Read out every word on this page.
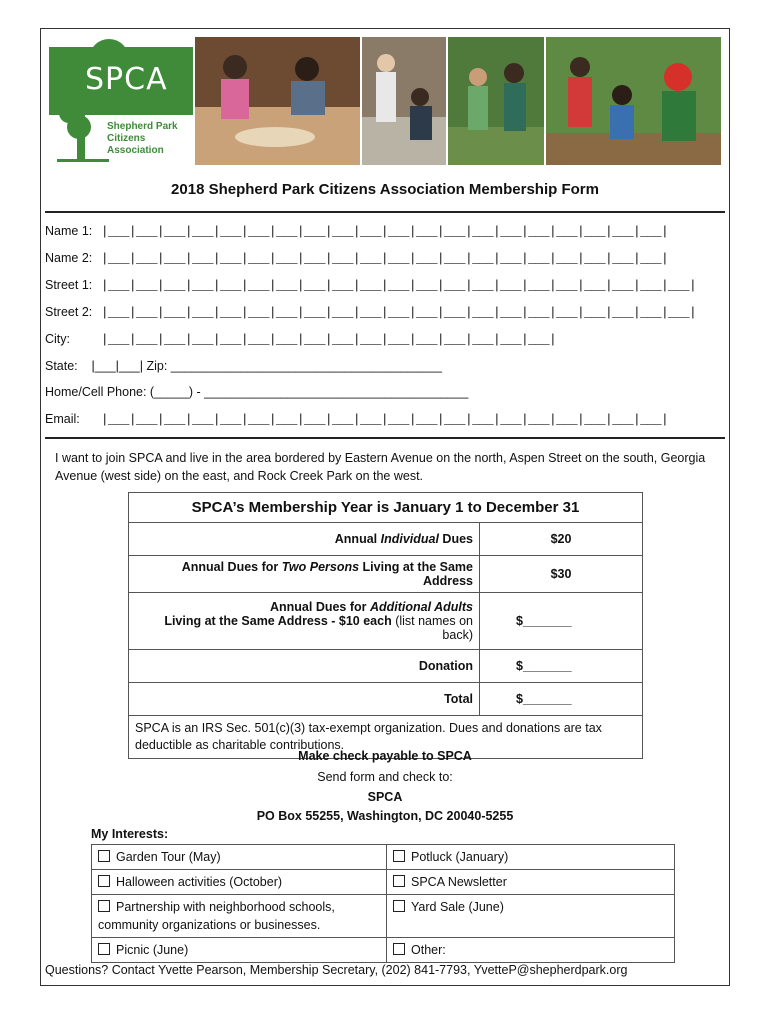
SPCA
Shepherd Park
Citizens Association
2018 Shepherd Park Citizens Association Membership Form
Name 1: |___|___|___|___|___|___|___|___|___|___|___|___|___|___|___|___|___|___|___|___|
Name 2: |___|___|___|___|___|___|___|___|___|___|___|___|___|___|___|___|___|___|___|___|
Street 1: |___|___|___|___|___|___|___|___|___|___|___|___|___|___|___|___|___|___|___|___|___|
Street 2: |___|___|___|___|___|___|___|___|___|___|___|___|___|___|___|___|___|___|___|___|___|
City: |___|___|___|___|___|___|___|___|___|___|___|___|___|___|___|___|
State:    |___|___| Zip: _______________________________________
Home/Cell Phone: (_____) - ______________________________________
Email: |___|___|___|___|___|___|___|___|___|___|___|___|___|___|___|___|___|___|___|___|
I want to join SPCA and live in the area bordered by Eastern Avenue on the north, Aspen Street on the south, Georgia Avenue (west side) on the east, and Rock Creek Park on the west.
SPCA’s Membership Year is January 1 to December 31	
Annual Individual Dues	$20
Annual Dues for Two Persons Living at the Same Address	$30
Annual Dues for Additional Adults
Living at the Same Address - $10 each (list names on back)	$_______
Donation	$_______
Total	$_______
SPCA is an IRS Sec. 501(c)(3) tax-exempt organization. Dues and donations are tax deductible as charitable contributions.	
Make check payable to SPCA
Send form and check to:
SPCA
PO Box 55255, Washington, DC 20040-5255
My Interests:
Garden Tour (May)	Potluck (January)
Halloween activities (October)	SPCA Newsletter
Partnership with neighborhood schools, community organizations or businesses.	Yard Sale (June)
Picnic (June)	Other:
Questions? Contact Yvette Pearson, Membership Secretary, (202) 841-7793, YvetteP@shepherdpark.org
